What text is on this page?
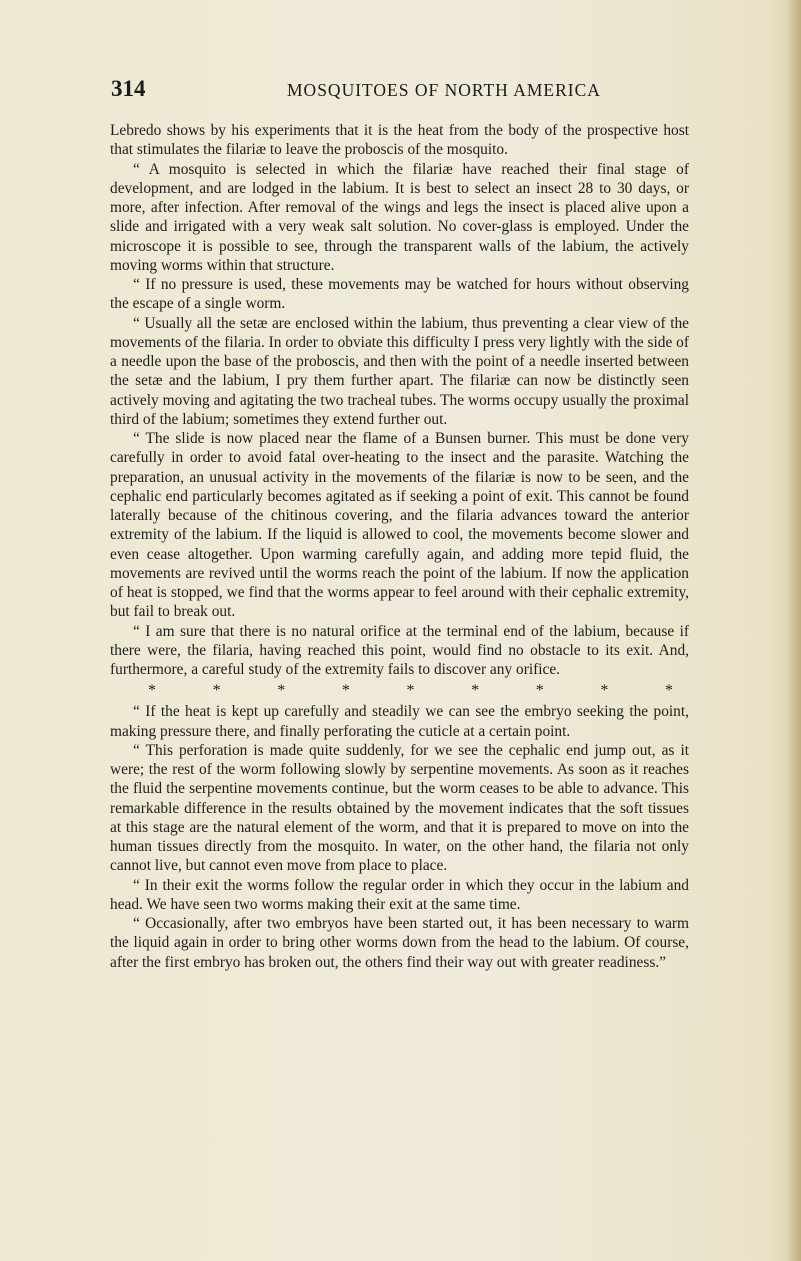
314	MOSQUITOES OF NORTH AMERICA

Lebredo shows by his experiments that it is the heat from the body of the prospective host that stimulates the filariæ to leave the proboscis of the mosquito.

“ A mosquito is selected in which the filariæ have reached their final stage of development, and are lodged in the labium. It is best to select an insect 28 to 30 days, or more, after infection. After removal of the wings and legs the insect is placed alive upon a slide and irrigated with a very weak salt solution. No cover-glass is employed. Under the microscope it is possible to see, through the transparent walls of the labium, the actively moving worms within that structure.

“ If no pressure is used, these movements may be watched for hours without observing the escape of a single worm.

“ Usually all the setæ are enclosed within the labium, thus preventing a clear view of the movements of the filaria. In order to obviate this difficulty I press very lightly with the side of a needle upon the base of the proboscis, and then with the point of a needle inserted between the setæ and the labium, I pry them further apart. The filariæ can now be distinctly seen actively moving and agitating the two tracheal tubes. The worms occupy usually the proximal third of the labium; sometimes they extend further out.

“ The slide is now placed near the flame of a Bunsen burner. This must be done very carefully in order to avoid fatal over-heating to the insect and the parasite. Watching the preparation, an unusual activity in the movements of the filariæ is now to be seen, and the cephalic end particularly becomes agitated as if seeking a point of exit. This cannot be found laterally because of the chitinous covering, and the filaria advances toward the anterior extremity of the labium. If the liquid is allowed to cool, the movements become slower and even cease altogether. Upon warming carefully again, and adding more tepid fluid, the movements are revived until the worms reach the point of the labium. If now the application of heat is stopped, we find that the worms appear to feel around with their cephalic extremity, but fail to break out.

“ I am sure that there is no natural orifice at the terminal end of the labium, because if there were, the filaria, having reached this point, would find no obstacle to its exit. And, furthermore, a careful study of the extremity fails to discover any orifice.

*	*	*	*	*	*	*	*	*

“ If the heat is kept up carefully and steadily we can see the embryo seeking the point, making pressure there, and finally perforating the cuticle at a certain point.

“ This perforation is made quite suddenly, for we see the cephalic end jump out, as it were; the rest of the worm following slowly by serpentine movements. As soon as it reaches the fluid the serpentine movements continue, but the worm ceases to be able to advance. This remarkable difference in the results obtained by the movement indicates that the soft tissues at this stage are the natural element of the worm, and that it is prepared to move on into the human tissues directly from the mosquito. In water, on the other hand, the filaria not only cannot live, but cannot even move from place to place.

“ In their exit the worms follow the regular order in which they occur in the labium and head. We have seen two worms making their exit at the same time.

“ Occasionally, after two embryos have been started out, it has been necessary to warm the liquid again in order to bring other worms down from the head to the labium. Of course, after the first embryo has broken out, the others find their way out with greater readiness.”
